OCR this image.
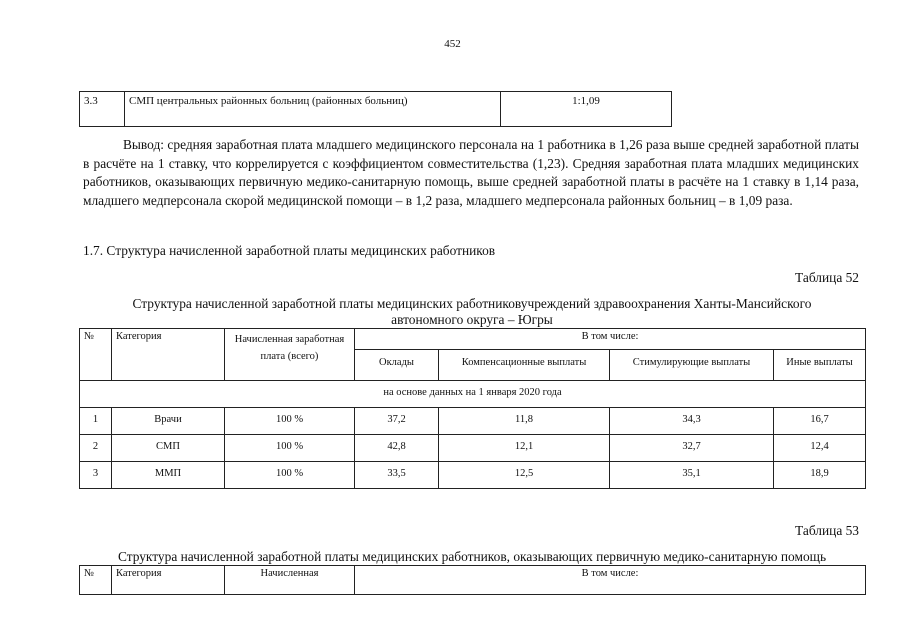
452
3.3	СМП центральных районных больниц (районных больниц)	1:1,09
Вывод: средняя заработная плата младшего медицинского персонала на 1 работника в 1,26 раза выше средней заработной платы в расчёте на 1 ставку, что коррелируется с коэффициентом совместительства (1,23). Средняя заработная плата младших медицинских работников, оказывающих первичную медико-санитарную помощь, выше средней заработной платы в расчёте на 1 ставку в 1,14 раза, младшего медперсонала скорой медицинской помощи – в 1,2 раза, младшего медперсонала районных больниц – в 1,09 раза.
1.7. Структура начисленной заработной платы медицинских работников
Таблица 52
Структура начисленной заработной платы медицинских работниковучреждений здравоохранения Ханты-Мансийского
автономного округа – Югры
№	Категория	Начисленная заработная плата (всего)	В том числе:			
			Оклады	Компенсационные выплаты	Стимулирующие выплаты	Иные выплаты
на основе данных на 1 января 2020 года						
1	Врачи	100 %	37,2	11,8	34,3	16,7
2	СМП	100 %	42,8	12,1	32,7	12,4
3	ММП	100 %	33,5	12,5	35,1	18,9
Таблица 53
Структура начисленной заработной платы медицинских работников, оказывающих первичную медико-санитарную помощь
№	Категория	Начисленная	В том числе:
